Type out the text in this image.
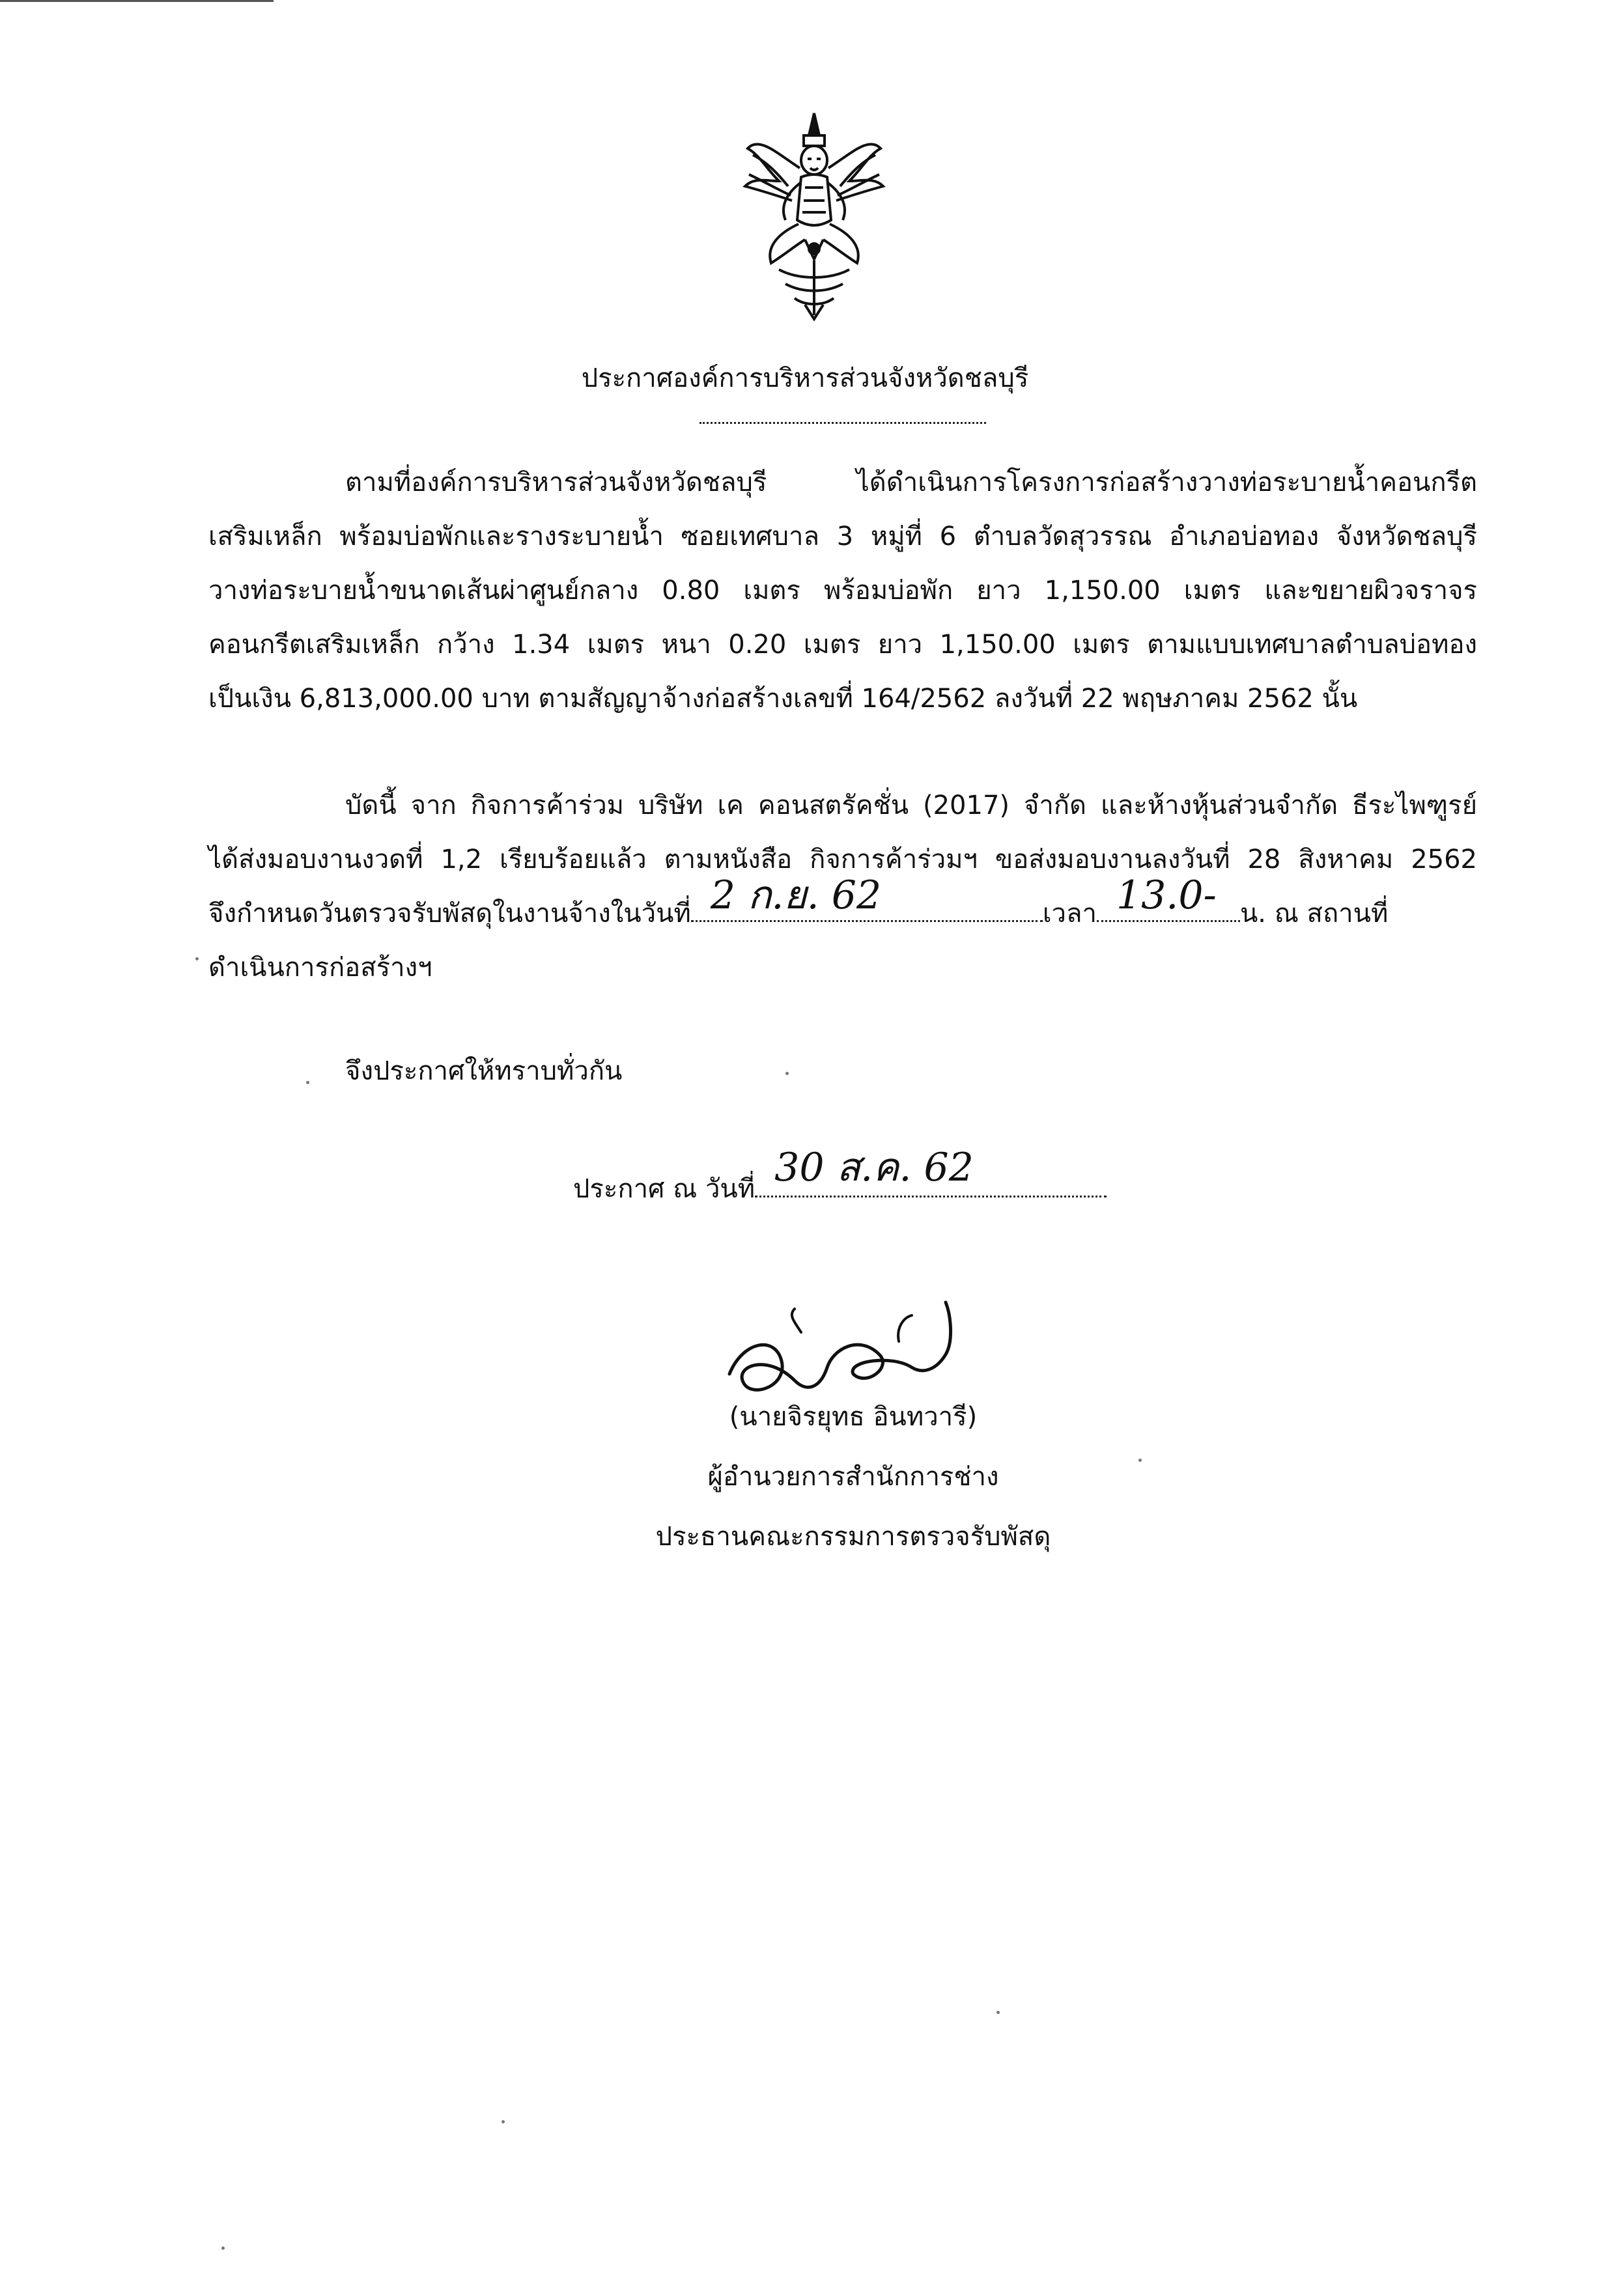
ประกาศองค์การบริหารส่วนจังหวัดชลบุรี
ตามที่องค์การบริหารส่วนจังหวัดชลบุรี ได้ดำเนินการโครงการก่อสร้างวางท่อระบายน้ำคอนกรีต
เสริมเหล็ก พร้อมบ่อพักและรางระบายน้ำ ซอยเทศบาล 3 หมู่ที่ 6 ตำบลวัดสุวรรณ อำเภอบ่อทอง จังหวัดชลบุรี
วางท่อระบายน้ำขนาดเส้นผ่าศูนย์กลาง 0.80 เมตร พร้อมบ่อพัก ยาว 1,150.00 เมตร และขยายผิวจราจร
คอนกรีตเสริมเหล็ก กว้าง 1.34 เมตร หนา 0.20 เมตร ยาว 1,150.00 เมตร ตามแบบเทศบาลตำบลบ่อทอง
เป็นเงิน 6,813,000.00 บาท ตามสัญญาจ้างก่อสร้างเลขที่ 164/2562 ลงวันที่ 22 พฤษภาคม 2562 นั้น
บัดนี้ จาก กิจการค้าร่วม บริษัท เค คอนสตรัคชั่น (2017) จำกัด และห้างหุ้นส่วนจำกัด ธีระไพฑูรย์
ได้ส่งมอบงานงวดที่ 1,2 เรียบร้อยแล้ว ตามหนังสือ กิจการค้าร่วมฯ ขอส่งมอบงานลงวันที่ 28 สิงหาคม 2562
จึงกำหนดวันตรวจรับพัสดุในงานจ้างในวันที่ 2 ก.ย. 62	เวลา 13.0- น. ณ สถานที่
ดำเนินการก่อสร้างฯ
จึงประกาศให้ทราบทั่วกัน
ประกาศ ณ วันที่ 30 ส.ค. 62
(นายจิรยุทธ อินทวารี)
ผู้อำนวยการสำนักการช่าง
ประธานคณะกรรมการตรวจรับพัสดุ
